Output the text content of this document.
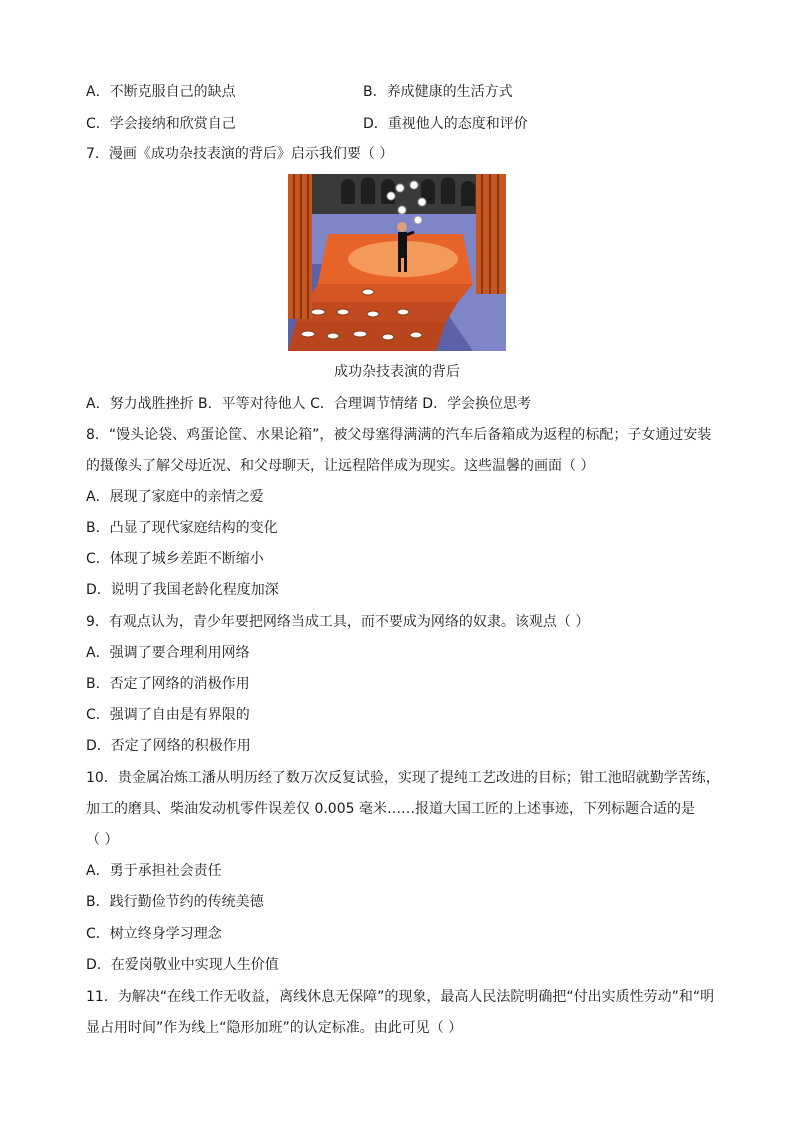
A．不断克服自己的缺点	B．养成健康的生活方式
C．学会接纳和欣赏自己	D．重视他人的态度和评价
7．漫画《成功杂技表演的背后》启示我们要（ ）
成功杂技表演的背后
A．努力战胜挫折 B．平等对待他人 C．合理调节情绪 D．学会换位思考
8．“馒头论袋、鸡蛋论筐、水果论箱”，被父母塞得满满的汽车后备箱成为返程的标配；子女通过安装
的摄像头了解父母近况、和父母聊天，让远程陪伴成为现实。这些温馨的画面（ ）
A．展现了家庭中的亲情之爱
B．凸显了现代家庭结构的变化
C．体现了城乡差距不断缩小
D．说明了我国老龄化程度加深
9．有观点认为，青少年要把网络当成工具，而不要成为网络的奴隶。该观点（ ）
A．强调了要合理利用网络
B．否定了网络的消极作用
C．强调了自由是有界限的
D．否定了网络的积极作用
10．贵金属冶炼工潘从明历经了数万次反复试验，实现了提纯工艺改进的目标；钳工池昭就勤学苦练，
加工的磨具、柴油发动机零件误差仅 0.005 毫米……报道大国工匠的上述事迹，下列标题合适的是
（ ）
A．勇于承担社会责任
B．践行勤俭节约的传统美德
C．树立终身学习理念
D．在爱岗敬业中实现人生价值
11．为解决“在线工作无收益，离线休息无保障”的现象，最高人民法院明确把“付出实质性劳动”和“明
显占用时间”作为线上“隐形加班”的认定标准。由此可见（ ）
